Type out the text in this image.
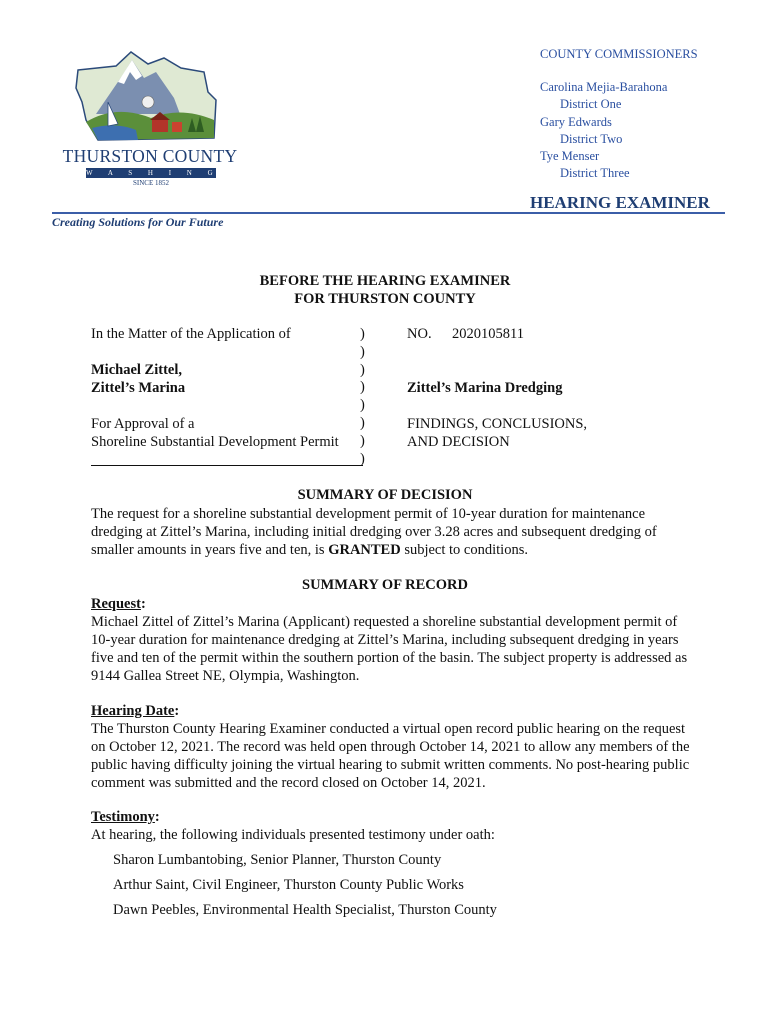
THURSTON COUNTY
W A S H I N G T O N
SINCE 1852
COUNTY COMMISSIONERS
Carolina Mejia-Barahona
District One
Gary Edwards
District Two
Tye Menser
District Three
HEARING EXAMINER
Creating Solutions for Our Future
BEFORE THE HEARING EXAMINER
FOR THURSTON COUNTY
In the Matter of the Application of
Michael Zittel,
Zittel’s Marina
For Approval of a
Shoreline Substantial Development Permit
)
)
)
)
)
)
)
)
NO. 2020105811
Zittel’s Marina Dredging
FINDINGS, CONCLUSIONS,
AND DECISION
SUMMARY OF DECISION
The request for a shoreline substantial development permit of 10-year duration for maintenance dredging at Zittel’s Marina, including initial dredging over 3.28 acres and subsequent dredging of smaller amounts in years five and ten, is GRANTED subject to conditions.
SUMMARY OF RECORD
Request:
Michael Zittel of Zittel’s Marina (Applicant) requested a shoreline substantial development permit of 10-year duration for maintenance dredging at Zittel’s Marina, including subsequent dredging in years five and ten of the permit within the southern portion of the basin. The subject property is addressed as 9144 Gallea Street NE, Olympia, Washington.
Hearing Date:
The Thurston County Hearing Examiner conducted a virtual open record public hearing on the request on October 12, 2021. The record was held open through October 14, 2021 to allow any members of the public having difficulty joining the virtual hearing to submit written comments. No post-hearing public comment was submitted and the record closed on October 14, 2021.
Testimony:
At hearing, the following individuals presented testimony under oath:
Sharon Lumbantobing, Senior Planner, Thurston County
Arthur Saint, Civil Engineer, Thurston County Public Works
Dawn Peebles, Environmental Health Specialist, Thurston County
